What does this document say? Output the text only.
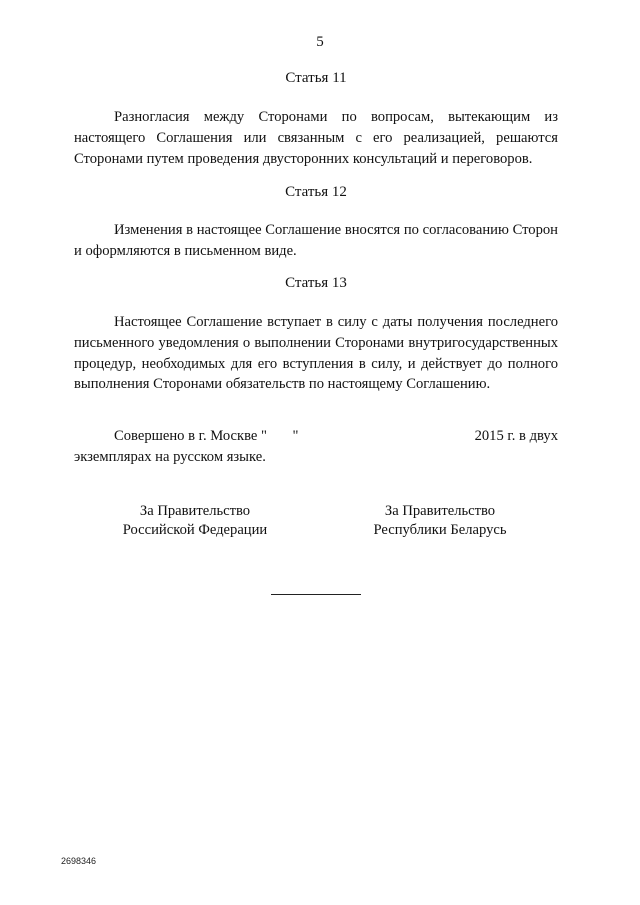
5

Статья 11

Разногласия между Сторонами по вопросам, вытекающим из настоящего Соглашения или связанным с его реализацией, решаются Сторонами путем проведения двусторонних консультаций и переговоров.

Статья 12

Изменения в настоящее Соглашение вносятся по согласованию Сторон и оформляются в письменном виде.

Статья 13

Настоящее Соглашение вступает в силу с даты получения последнего письменного уведомления о выполнении Сторонами внутригосударственных процедур, необходимых для его вступления в силу, и действует до полного выполнения Сторонами обязательств по настоящему Соглашению.

Совершено в г. Москве "       "	2015 г. в двух

экземплярах на русском языке.

За Правительство
Российской Федерации
За Правительство
Республики Беларусь
2698346
